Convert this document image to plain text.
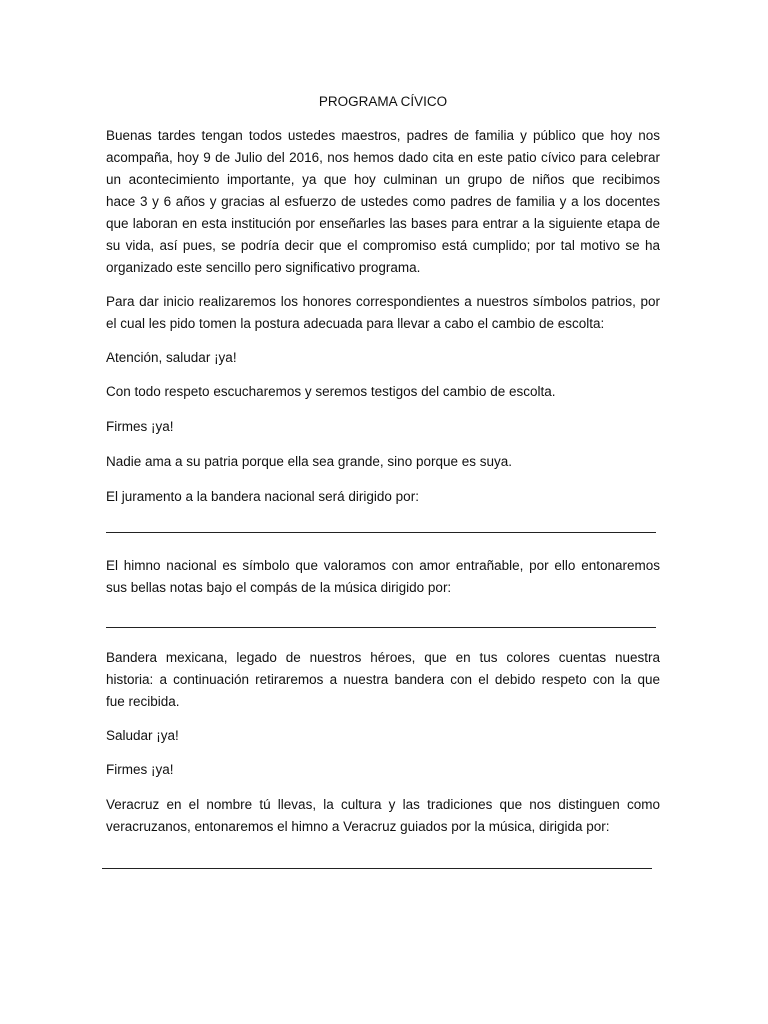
PROGRAMA CÍVICO

Buenas tardes tengan todos ustedes maestros, padres de familia y público que hoy nos
acompaña, hoy 9 de Julio del 2016, nos hemos dado cita en este patio cívico para celebrar
un acontecimiento importante, ya que hoy culminan un grupo de niños que recibimos
hace 3 y 6 años y gracias al esfuerzo de ustedes como padres de familia y a los docentes
que laboran en esta institución por enseñarles las bases para entrar a la siguiente etapa de
su vida, así pues, se podría decir que el compromiso está cumplido; por tal motivo se ha
organizado este sencillo pero significativo programa.

Para dar inicio realizaremos los honores correspondientes a nuestros símbolos patrios, por
el cual les pido tomen la postura adecuada para llevar a cabo el cambio de escolta:

Atención, saludar ¡ya!

Con todo respeto escucharemos y seremos testigos del cambio de escolta.

Firmes ¡ya!

Nadie ama a su patria porque ella sea grande, sino porque es suya.

El juramento a la bandera nacional será dirigido por:

El himno nacional es símbolo que valoramos con amor entrañable, por ello entonaremos
sus bellas notas bajo el compás de la música dirigido por:

Bandera mexicana, legado de nuestros héroes, que en tus colores cuentas nuestra
historia: a continuación retiraremos a nuestra bandera con el debido respeto con la que
fue recibida.

Saludar ¡ya!

Firmes ¡ya!

Veracruz en el nombre tú llevas, la cultura y las tradiciones que nos distinguen como
veracruzanos, entonaremos el himno a Veracruz guiados por la música, dirigida por:
